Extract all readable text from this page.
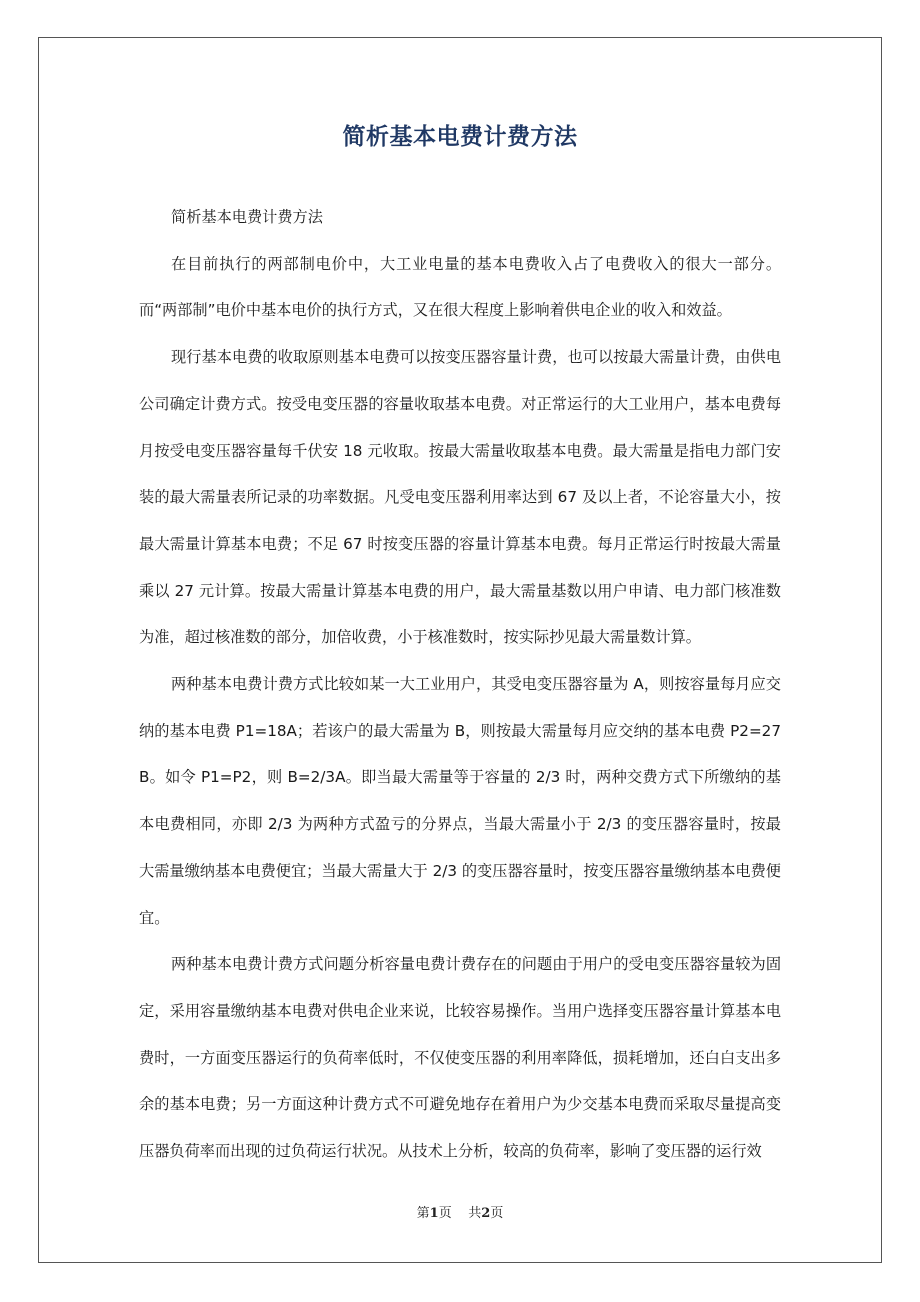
简析基本电费计费方法

简析基本电费计费方法

在目前执行的两部制电价中，大工业电量的基本电费收入占了电费收入的很大一部分。而“两部制”电价中基本电价的执行方式，又在很大程度上影响着供电企业的收入和效益。

现行基本电费的收取原则基本电费可以按变压器容量计费，也可以按最大需量计费，由供电公司确定计费方式。按受电变压器的容量收取基本电费。对正常运行的大工业用户，基本电费每月按受电变压器容量每千伏安 18 元收取。按最大需量收取基本电费。最大需量是指电力部门安装的最大需量表所记录的功率数据。凡受电变压器利用率达到 67 及以上者，不论容量大小，按最大需量计算基本电费；不足 67 时按变压器的容量计算基本电费。每月正常运行时按最大需量乘以 27 元计算。按最大需量计算基本电费的用户，最大需量基数以用户申请、电力部门核准数为准，超过核准数的部分，加倍收费，小于核准数时，按实际抄见最大需量数计算。

两种基本电费计费方式比较如某一大工业用户，其受电变压器容量为 A，则按容量每月应交纳的基本电费 P1=18A；若该户的最大需量为 B，则按最大需量每月应交纳的基本电费 P2=27B。如令 P1=P2，则 B=2/3A。即当最大需量等于容量的 2/3 时，两种交费方式下所缴纳的基本电费相同，亦即 2/3 为两种方式盈亏的分界点，当最大需量小于 2/3 的变压器容量时，按最大需量缴纳基本电费便宜；当最大需量大于 2/3 的变压器容量时，按变压器容量缴纳基本电费便宜。

两种基本电费计费方式问题分析容量电费计费存在的问题由于用户的受电变压器容量较为固定，采用容量缴纳基本电费对供电企业来说，比较容易操作。当用户选择变压器容量计算基本电费时，一方面变压器运行的负荷率低时，不仅使变压器的利用率降低，损耗增加，还白白支出多余的基本电费；另一方面这种计费方式不可避免地存在着用户为少交基本电费而采取尽量提高变压器负荷率而出现的过负荷运行状况。从技术上分析，较高的负荷率，影响了变压器的运行效

第1页 共2页
